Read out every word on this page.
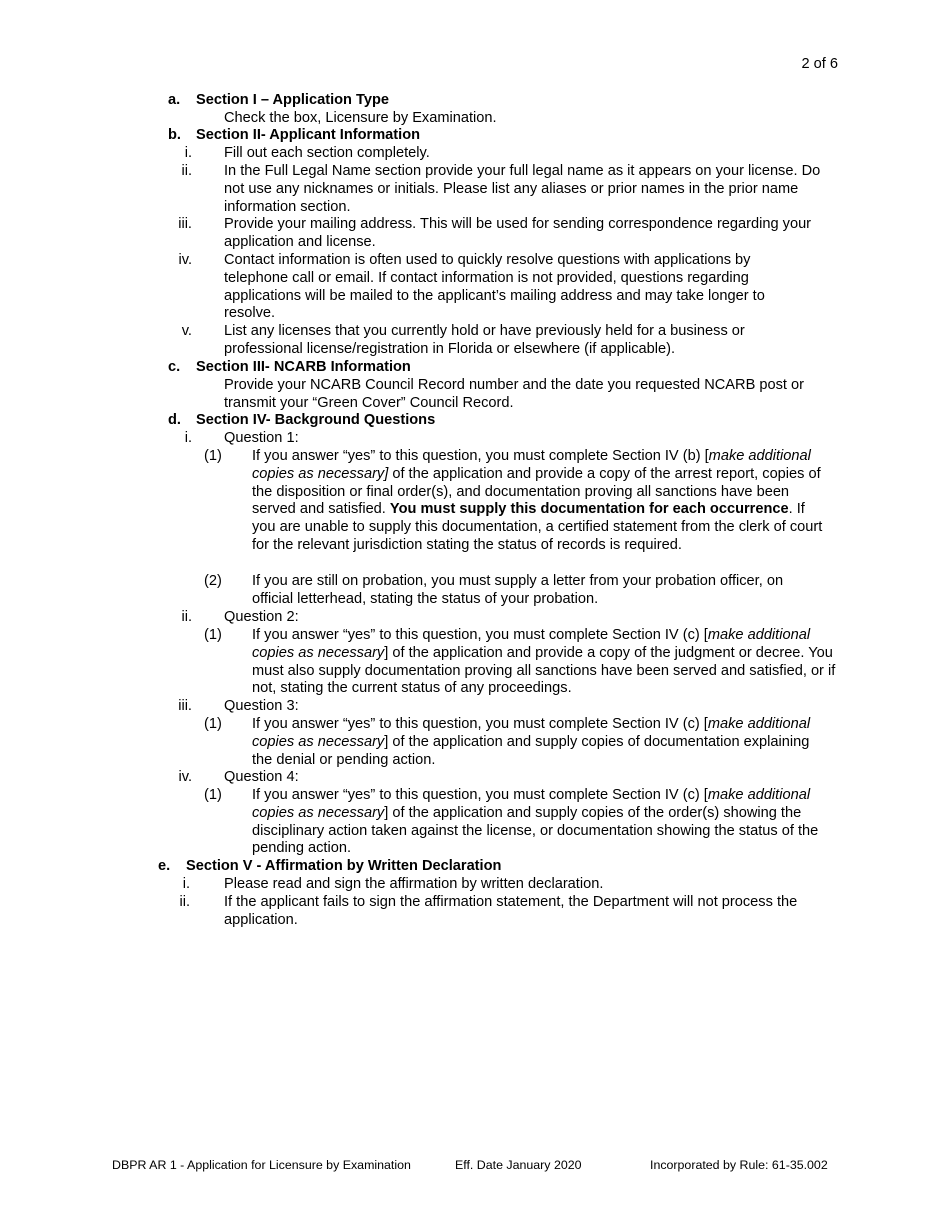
2 of 6
a. Section I – Application Type
Check the box, Licensure by Examination.
b. Section II- Applicant Information
i. Fill out each section completely.
ii. In the Full Legal Name section provide your full legal name as it appears on your license. Do not use any nicknames or initials. Please list any aliases or prior names in the prior name information section.
iii. Provide your mailing address. This will be used for sending correspondence regarding your application and license.
iv. Contact information is often used to quickly resolve questions with applications by telephone call or email. If contact information is not provided, questions regarding applications will be mailed to the applicant’s mailing address and may take longer to resolve.
v. List any licenses that you currently hold or have previously held for a business or professional license/registration in Florida or elsewhere (if applicable).
c. Section III- NCARB Information
Provide your NCARB Council Record number and the date you requested NCARB post or transmit your “Green Cover” Council Record.
d. Section IV- Background Questions
i. Question 1:
(1) If you answer “yes” to this question, you must complete Section IV (b) [make additional copies as necessary] of the application and provide a copy of the arrest report, copies of the disposition or final order(s), and documentation proving all sanctions have been served and satisfied. You must supply this documentation for each occurrence. If you are unable to supply this documentation, a certified statement from the clerk of court for the relevant jurisdiction stating the status of records is required.
(2) If you are still on probation, you must supply a letter from your probation officer, on official letterhead, stating the status of your probation.
ii. Question 2:
(1) If you answer “yes” to this question, you must complete Section IV (c) [make additional copies as necessary] of the application and provide a copy of the judgment or decree. You must also supply documentation proving all sanctions have been served and satisfied, or if not, stating the current status of any proceedings.
iii. Question 3:
(1) If you answer “yes” to this question, you must complete Section IV (c) [make additional copies as necessary] of the application and supply copies of documentation explaining the denial or pending action.
iv. Question 4:
(1) If you answer “yes” to this question, you must complete Section IV (c) [make additional copies as necessary] of the application and supply copies of the order(s) showing the disciplinary action taken against the license, or documentation showing the status of the pending action.
e. Section V - Affirmation by Written Declaration
i. Please read and sign the affirmation by written declaration.
ii. If the applicant fails to sign the affirmation statement, the Department will not process the application.
DBPR AR 1 - Application for Licensure by Examination	Eff. Date January 2020	Incorporated by Rule: 61-35.002
